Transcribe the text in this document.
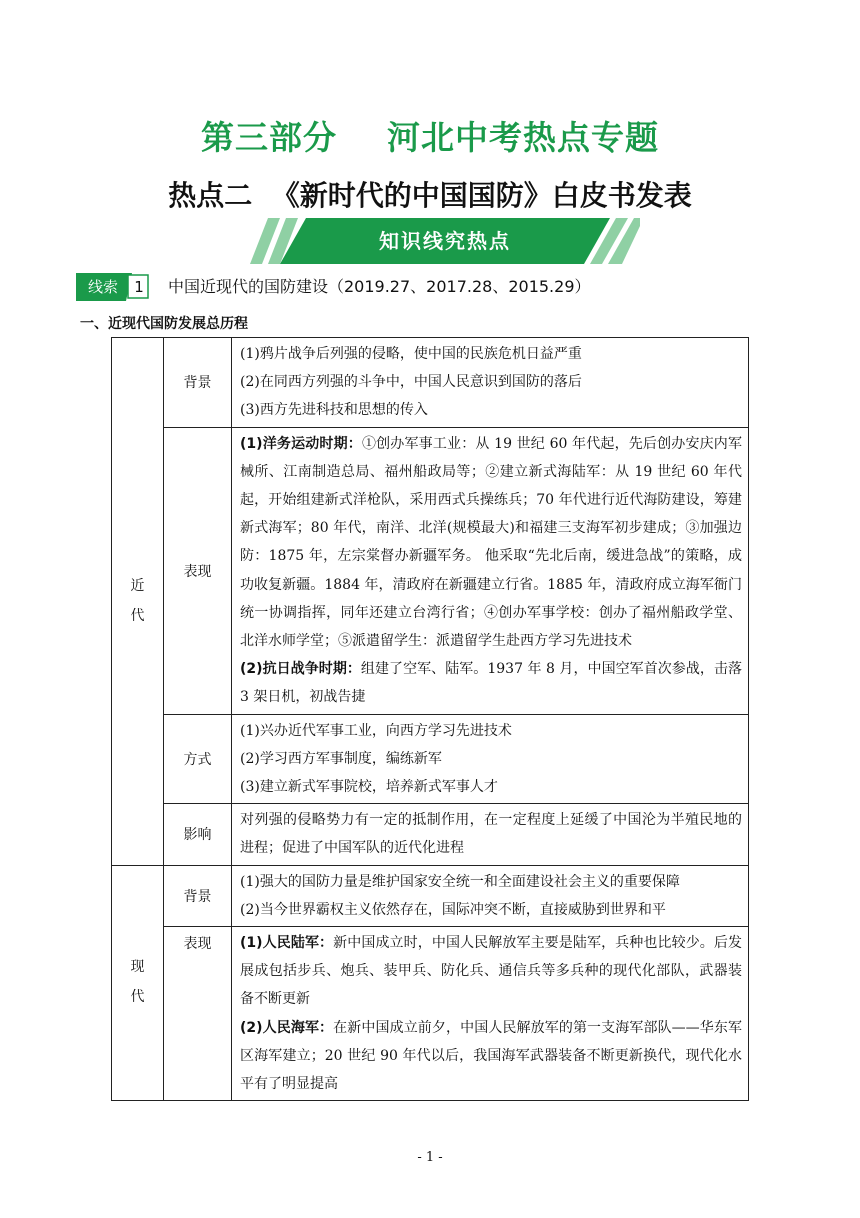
第三部分    河北中考热点专题
热点二  《新时代的中国国防》白皮书发表
知识线究热点
线索	1 中国近现代的国防建设（2019.27、2017.28、2015.29）
一、近现代国防发展总历程
近代	背景	(1)鸦片战争后列强的侵略，使中国的民族危机日益严重

(2)在同西方列强的斗争中，中国人民意识到国防的落后

(3)西方先进科技和思想的传入

	表现	(1)洋务运动时期：①创办军事工业：从 19 世纪 60 年代起，先后创办安庆内军械所、江南制造总局、福州船政局等；②建立新式海陆军：从 19 世纪 60 年代起，开始组建新式洋枪队，采用西式兵操练兵；70 年代进行近代海防建设，筹建新式海军；80 年代，南洋、北洋(规模最大)和福建三支海军初步建成；③加强边防：1875 年，左宗棠督办新疆军务。 他采取“先北后南，缓进急战”的策略，成功收复新疆。1884 年，清政府在新疆建立行省。1885 年，清政府成立海军衙门统一协调指挥，同年还建立台湾行省；④创办军事学校：创办了福州船政学堂、北洋水师学堂；⑤派遣留学生：派遣留学生赴西方学习先进技术

(2)抗日战争时期：组建了空军、陆军。1937 年 8 月，中国空军首次参战，击落 3 架日机，初战告捷

	方式	(1)兴办近代军事工业，向西方学习先进技术

(2)学习西方军事制度，编练新军

(3)建立新式军事院校，培养新式军事人才

	影响	对列强的侵略势力有一定的抵制作用，在一定程度上延缓了中国沦为半殖民地的进程；促进了中国军队的近代化进程

现代	背景	(1)强大的国防力量是维护国家安全统一和全面建设社会主义的重要保障

(2)当今世界霸权主义依然存在，国际冲突不断，直接威胁到世界和平

	表现	(1)人民陆军：新中国成立时，中国人民解放军主要是陆军，兵种也比较少。后发展成包括步兵、炮兵、装甲兵、防化兵、通信兵等多兵种的现代化部队，武器装备不断更新

(2)人民海军：在新中国成立前夕，中国人民解放军的第一支海军部队——华东军区海军建立；20 世纪 90 年代以后，我国海军武器装备不断更新换代，现代化水平有了明显提高

- 1 -
